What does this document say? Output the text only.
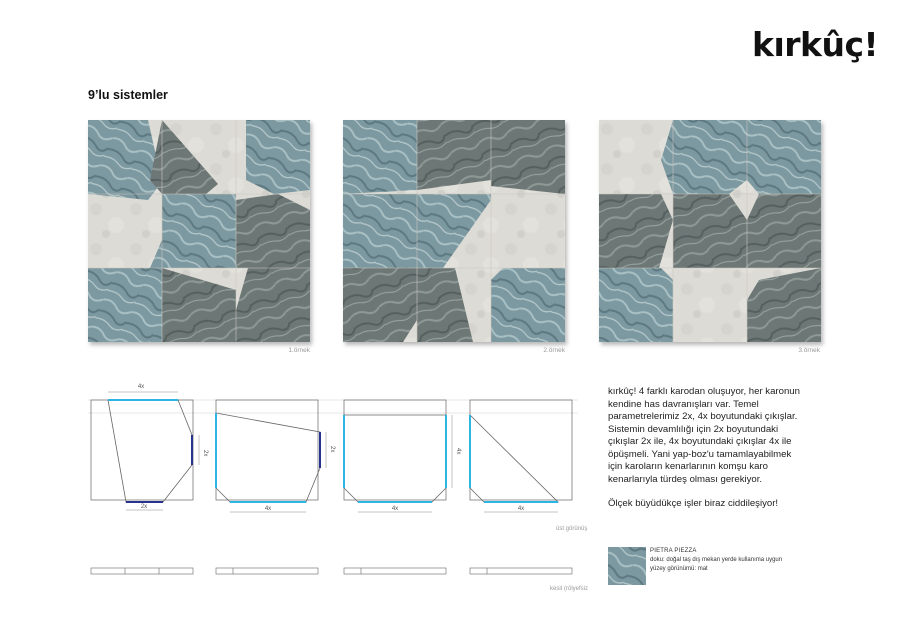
kırkûç!
9’lu sistemler
1.örnek	2.örnek	3.örnek
4x
2x
2x
2x
4x
4x
4x	4x
üst görünüş
kesit (rölyefsiz)

kırkûç! 4 farklı karodan oluşuyor, her karonun kendine has davranışları var. Temel parametrelerimiz 2x, 4x boyutundaki çıkışlar. Sistemin devamlılığı için 2x boyutundaki çıkışlar 2x ile, 4x boyutundaki çıkışlar 4x ile öpüşmeli. Yani yap-boz'u tamamlayabilmek için karoların kenarlarının komşu karo kenarlarıyla türdeş olması gerekiyor.

Ölçek büyüdükçe işler biraz ciddileşiyor!

PIETRA PIEZZA
doku: doğal taş dış mekan yerde kullanıma uygun
yüzey görünümü: mat
